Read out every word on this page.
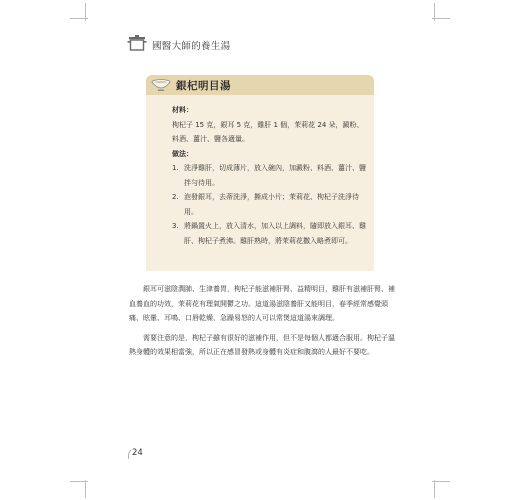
國醫大師的養生湯
銀杞明目湯
材料：

枸杞子 15 克，銀耳 5 克，雞肝 1 個，茉莉花 24 朵，澱粉、料酒、薑汁、鹽各適量。

做法：
1. 洗淨雞肝，切成薄片，放入碗內，加澱粉、料酒、薑汁、鹽拌勻待用。
2. 泡發銀耳，去蒂洗淨，撕成小片；茉莉花、枸杞子洗淨待用。
3. 將鍋置火上，放入清水，加入以上調料，隨即放入銀耳、雞肝、枸杞子煮沸。雞肝熟時，將茉莉花撒入略煮即可。

銀耳可滋陰潤肺、生津養胃，枸杞子能滋補肝腎、益精明目，雞肝有滋補肝腎、補血養血的功效，茉莉花有理氣開鬱之功。這道湯滋陰養肝又能明目，春季經常感覺頭痛、眩暈、耳鳴、口唇乾燥、急躁易怒的人可以常煲這道湯來調理。

需要注意的是，枸杞子雖有很好的滋補作用，但不是每個人都適合服用。枸杞子溫熱身體的效果相當強，所以正在感冒發熱或身體有炎症和腹瀉的人最好不要吃。

24
